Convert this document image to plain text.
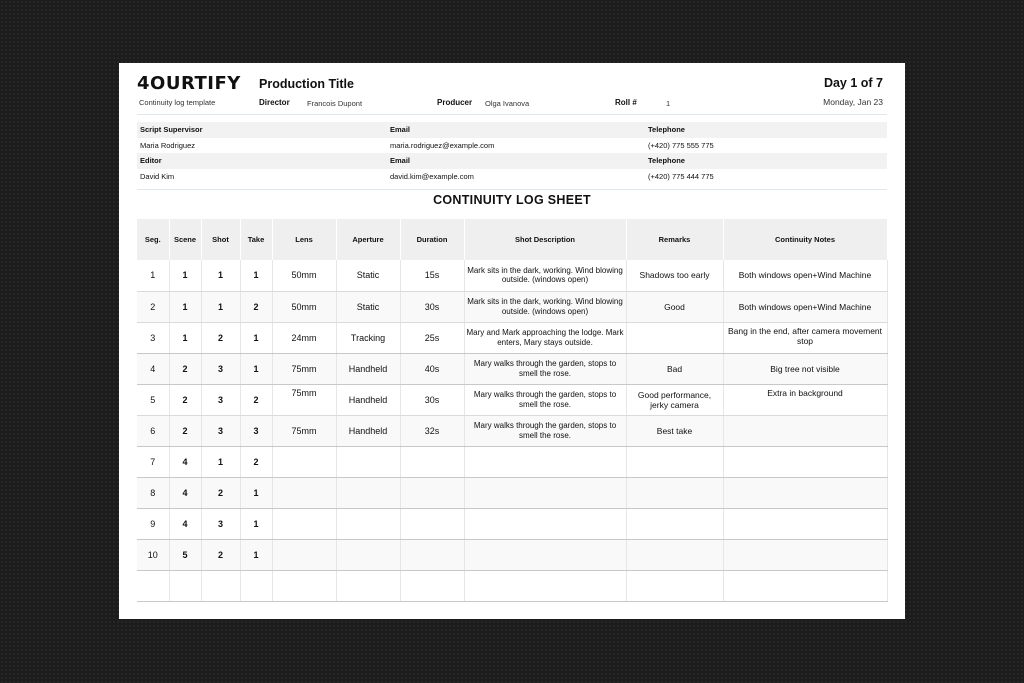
4OURTIFY
Continuity log template
Production Title
Director Francois Dupont	Producer Olga Ivanova	Roll #	1
Day 1 of 7
Monday, Jan 23
Script Supervisor	Email	Telephone
Maria Rodriguez	maria.rodriguez@example.com	(+420) 775 555 775
Editor	Email	Telephone
David Kim	david.kim@example.com	(+420) 775 444 775
CONTINUITY LOG SHEET
Seg.	Scene	Shot	Take	Lens	Aperture	Duration	Shot Description	Remarks	Continuity Notes
1	1	1	1	50mm	Static	15s	Mark sits in the dark, working. Wind blowing outside. (windows open)	Shadows too early	Both windows open+Wind Machine
2	1	1	2	50mm	Static	30s	Mark sits in the dark, working. Wind blowing outside. (windows open)	Good	Both windows open+Wind Machine
3	1	2	1	24mm	Tracking	25s	Mary and Mark approaching the lodge. Mark enters, Mary stays outside.		Bang in the end, after camera movement stop
4	2	3	1	75mm	Handheld	40s	Mary walks through the garden, stops to smell the rose.	Bad	Big tree not visible
5	2	3	2	75mm	Handheld	30s	Mary walks through the garden, stops to smell the rose.	Good performance, jerky camera	Extra in background
6	2	3	3	75mm	Handheld	32s	Mary walks through the garden, stops to smell the rose.	Best take	
7	4	1	2						
8	4	2	1						
9	4	3	1						
10	5	2	1						
